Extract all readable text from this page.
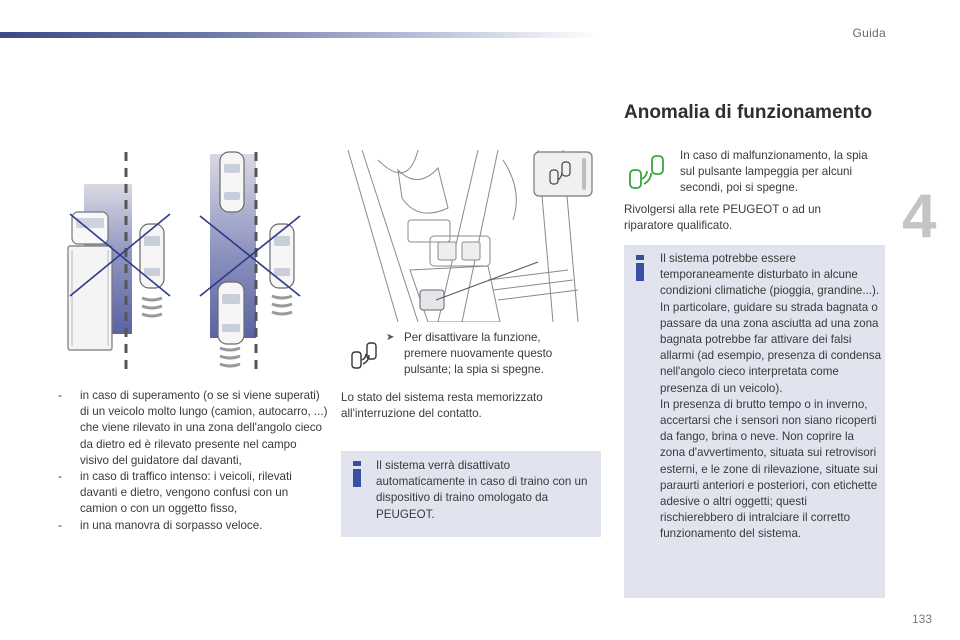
Guida
4
133
- in caso di superamento (o se si viene superati) di un veicolo molto lungo (camion, autocarro, ...) che viene rilevato in una zona dell'angolo cieco da dietro ed è rilevato presente nel campo visivo del guidatore dal davanti,
- in caso di traffico intenso: i veicoli, rilevati davanti e dietro, vengono confusi con un camion o con un oggetto fisso,
- in una manovra di sorpasso veloce.
➤ Per disattivare la funzione, premere nuovamente questo pulsante; la spia si spegne.
Lo stato del sistema resta memorizzato all'interruzione del contatto.
Il sistema verrà disattivato automaticamente in caso di traino con un dispositivo di traino omologato da PEUGEOT.
Anomalia di funzionamento
In caso di malfunzionamento, la spia sul pulsante lampeggia per alcuni secondi, poi si spegne.
Rivolgersi alla rete PEUGEOT o ad un riparatore qualificato.
Il sistema potrebbe essere temporaneamente disturbato in alcune condizioni climatiche (pioggia, grandine...).
In particolare, guidare su strada bagnata o passare da una zona asciutta ad una zona bagnata potrebbe far attivare dei falsi allarmi (ad esempio, presenza di condensa nell'angolo cieco interpretata come presenza di un veicolo).
In presenza di brutto tempo o in inverno, accertarsi che i sensori non siano ricoperti da fango, brina o neve. Non coprire la zona d'avvertimento, situata sui retrovisori esterni, e le zone di rilevazione, situate sui paraurti anteriori e posteriori, con etichette adesive o altri oggetti; questi rischierebbero di intralciare il corretto funzionamento del sistema.
